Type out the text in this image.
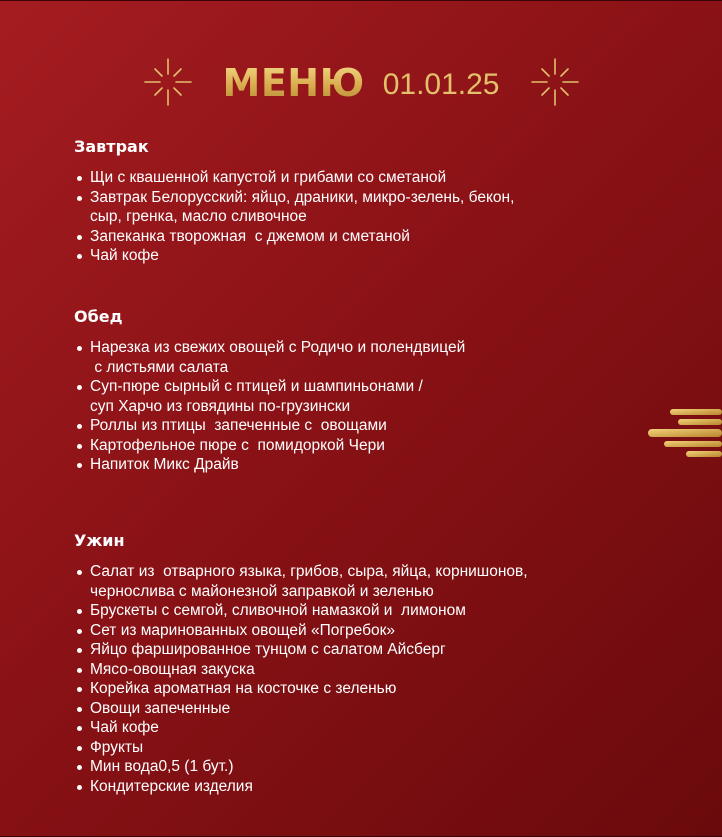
МЕНЮ 01.01.25
Завтрак
Щи с квашенной капустой и грибами со сметаной
Завтрак Белорусский: яйцо, драники, микро-зелень, бекон,
сыр, гренка, масло сливочное
Запеканка творожная  с джемом и сметаной
Чай кофе
Обед
Нарезка из свежих овощей с Родичо и полендвицей
с листьями салата
Суп-пюре сырный с птицей и шампиньонами /
суп Харчо из говядины по-грузински
Роллы из птицы  запеченные с  овощами
Картофельное пюре с  помидоркой Чери
Напиток Микс Драйв
Ужин
Салат из  отварного языка, грибов, сыра, яйца, корнишонов,
чернослива с майонезной заправкой и зеленью
Брускеты с семгой, сливочной намазкой и  лимоном
Сет из маринованных овощей «Погребок»
Яйцо фаршированное тунцом с салатом Айсберг
Мясо-овощная закуска
Корейка ароматная на косточке с зеленью
Овощи запеченные
Чай кофе
Фрукты
Мин вода0,5 (1 бут.)
Кондитерские изделия
